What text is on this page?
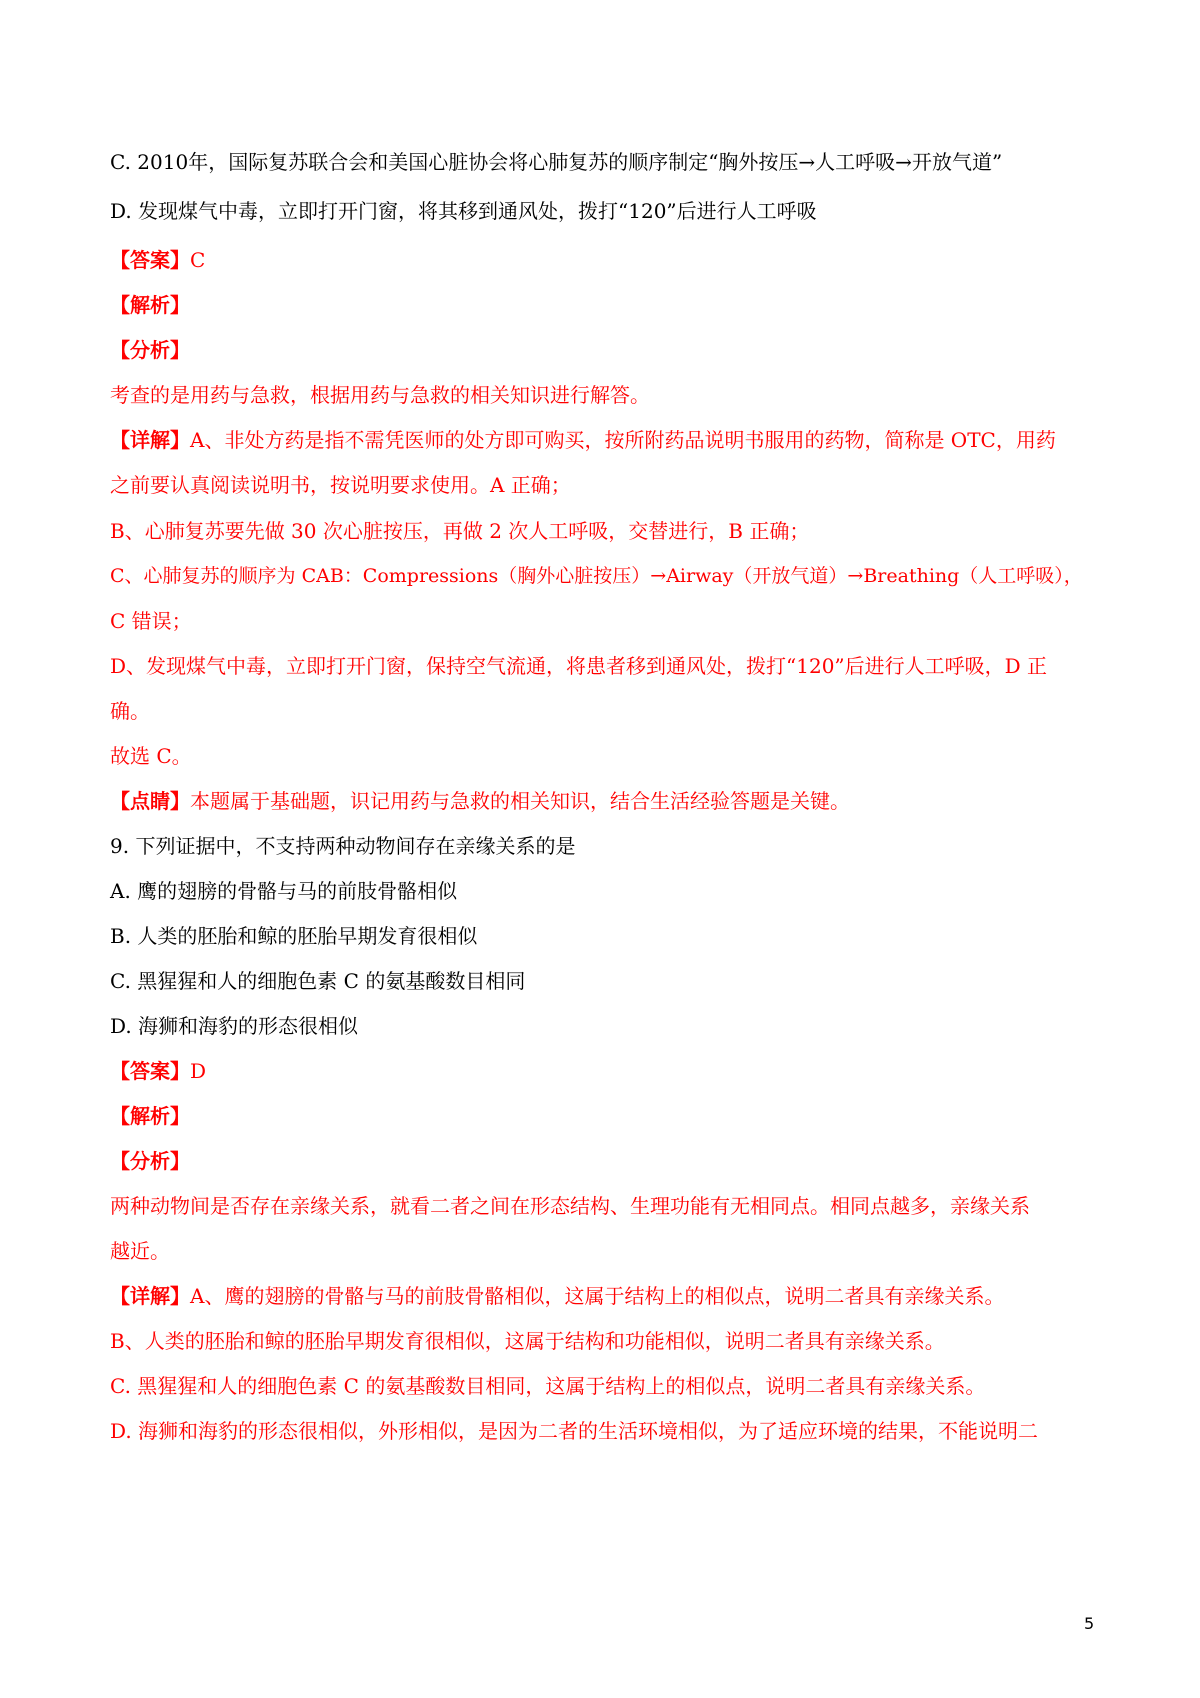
C. 2010年，国际复苏联合会和美国心脏协会将心肺复苏的顺序制定“胸外按压→人工呼吸→开放气道”
D. 发现煤气中毒，立即打开门窗，将其移到通风处，拨打“120”后进行人工呼吸
【答案】C
【解析】
【分析】
考查的是用药与急救，根据用药与急救的相关知识进行解答。
【详解】A、非处方药是指不需凭医师的处方即可购买，按所附药品说明书服用的药物，简称是 OTC，用药
之前要认真阅读说明书，按说明要求使用。A 正确；
B、心肺复苏要先做 30 次心脏按压，再做 2 次人工呼吸，交替进行，B 正确；
C、心肺复苏的顺序为 CAB：Compressions（胸外心脏按压）→Airway（开放气道）→Breathing（人工呼吸），
C 错误；
D、发现煤气中毒，立即打开门窗，保持空气流通，将患者移到通风处，拨打“120”后进行人工呼吸，D 正
确。
故选 C。
【点睛】本题属于基础题，识记用药与急救的相关知识，结合生活经验答题是关键。
9. 下列证据中，不支持两种动物间存在亲缘关系的是
A. 鹰的翅膀的骨骼与马的前肢骨骼相似
B. 人类的胚胎和鲸的胚胎早期发育很相似
C. 黑猩猩和人的细胞色素 C 的氨基酸数目相同
D. 海狮和海豹的形态很相似
【答案】D
【解析】
【分析】
两种动物间是否存在亲缘关系，就看二者之间在形态结构、生理功能有无相同点。相同点越多，亲缘关系
越近。
【详解】A、鹰的翅膀的骨骼与马的前肢骨骼相似，这属于结构上的相似点，说明二者具有亲缘关系。
B、人类的胚胎和鲸的胚胎早期发育很相似，这属于结构和功能相似，说明二者具有亲缘关系。
C. 黑猩猩和人的细胞色素 C 的氨基酸数目相同，这属于结构上的相似点，说明二者具有亲缘关系。
D. 海狮和海豹的形态很相似，外形相似，是因为二者的生活环境相似，为了适应环境的结果，不能说明二
5
